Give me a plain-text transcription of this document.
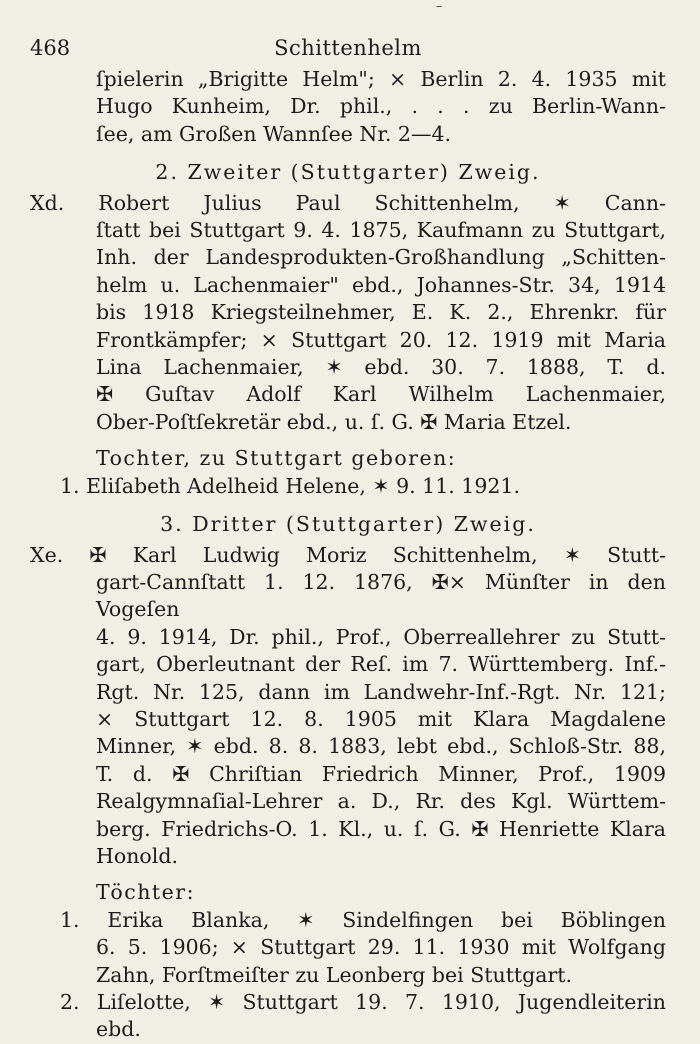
–
468	Schittenhelm
ſpielerin „Brigitte Helm"; ⨯ Berlin 2. 4. 1935 mit
Hugo Kunheim, Dr. phil., . . . zu Berlin-Wann-
ſee, am Großen Wannſee Nr. 2—4.
2. Zweiter (Stuttgarter) Zweig.
Xd. Robert Julius Paul Schittenhelm, ✶ Cann-
ſtatt bei Stuttgart 9. 4. 1875, Kaufmann zu Stuttgart,
Inh. der Landesprodukten-Großhandlung „Schitten-
helm u. Lachenmaier" ebd., Johannes-Str. 34, 1914
bis 1918 Kriegsteilnehmer, E. K. 2., Ehrenkr. für
Frontkämpfer; ⨯ Stuttgart 20. 12. 1919 mit Maria
Lina Lachenmaier, ✶ ebd. 30. 7. 1888, T. d.
✠ Guſtav Adolf Karl Wilhelm Lachenmaier,
Ober-Poſtſekretär ebd., u. ſ. G. ✠ Maria Etzel.
Tochter, zu Stuttgart geboren:
1. Eliſabeth Adelheid Helene, ✶ 9. 11. 1921.
3. Dritter (Stuttgarter) Zweig.
Xe. ✠ Karl Ludwig Moriz Schittenhelm, ✶ Stutt-
gart-Cannſtatt 1. 12. 1876, ✠⨯ Münſter in den Vogeſen
4. 9. 1914, Dr. phil., Prof., Oberreallehrer zu Stutt-
gart, Oberleutnant der Reſ. im 7. Württemberg. Inf.-
Rgt. Nr. 125, dann im Landwehr-Inf.-Rgt. Nr. 121;
⨯ Stuttgart 12. 8. 1905 mit Klara Magdalene
Minner, ✶ ebd. 8. 8. 1883, lebt ebd., Schloß-Str. 88,
T. d. ✠ Chriſtian Friedrich Minner, Prof., 1909
Realgymnaſial-Lehrer a. D., Rr. des Kgl. Württem-
berg. Friedrichs-O. 1. Kl., u. ſ. G. ✠ Henriette Klara
Honold.
Töchter:
1. Erika Blanka, ✶ Sindelfingen bei Böblingen
6. 5. 1906; ⨯ Stuttgart 29. 11. 1930 mit Wolfgang
Zahn, Forſtmeiſter zu Leonberg bei Stuttgart.
2. Liſelotte, ✶ Stuttgart 19. 7. 1910, Jugendleiterin
ebd.
